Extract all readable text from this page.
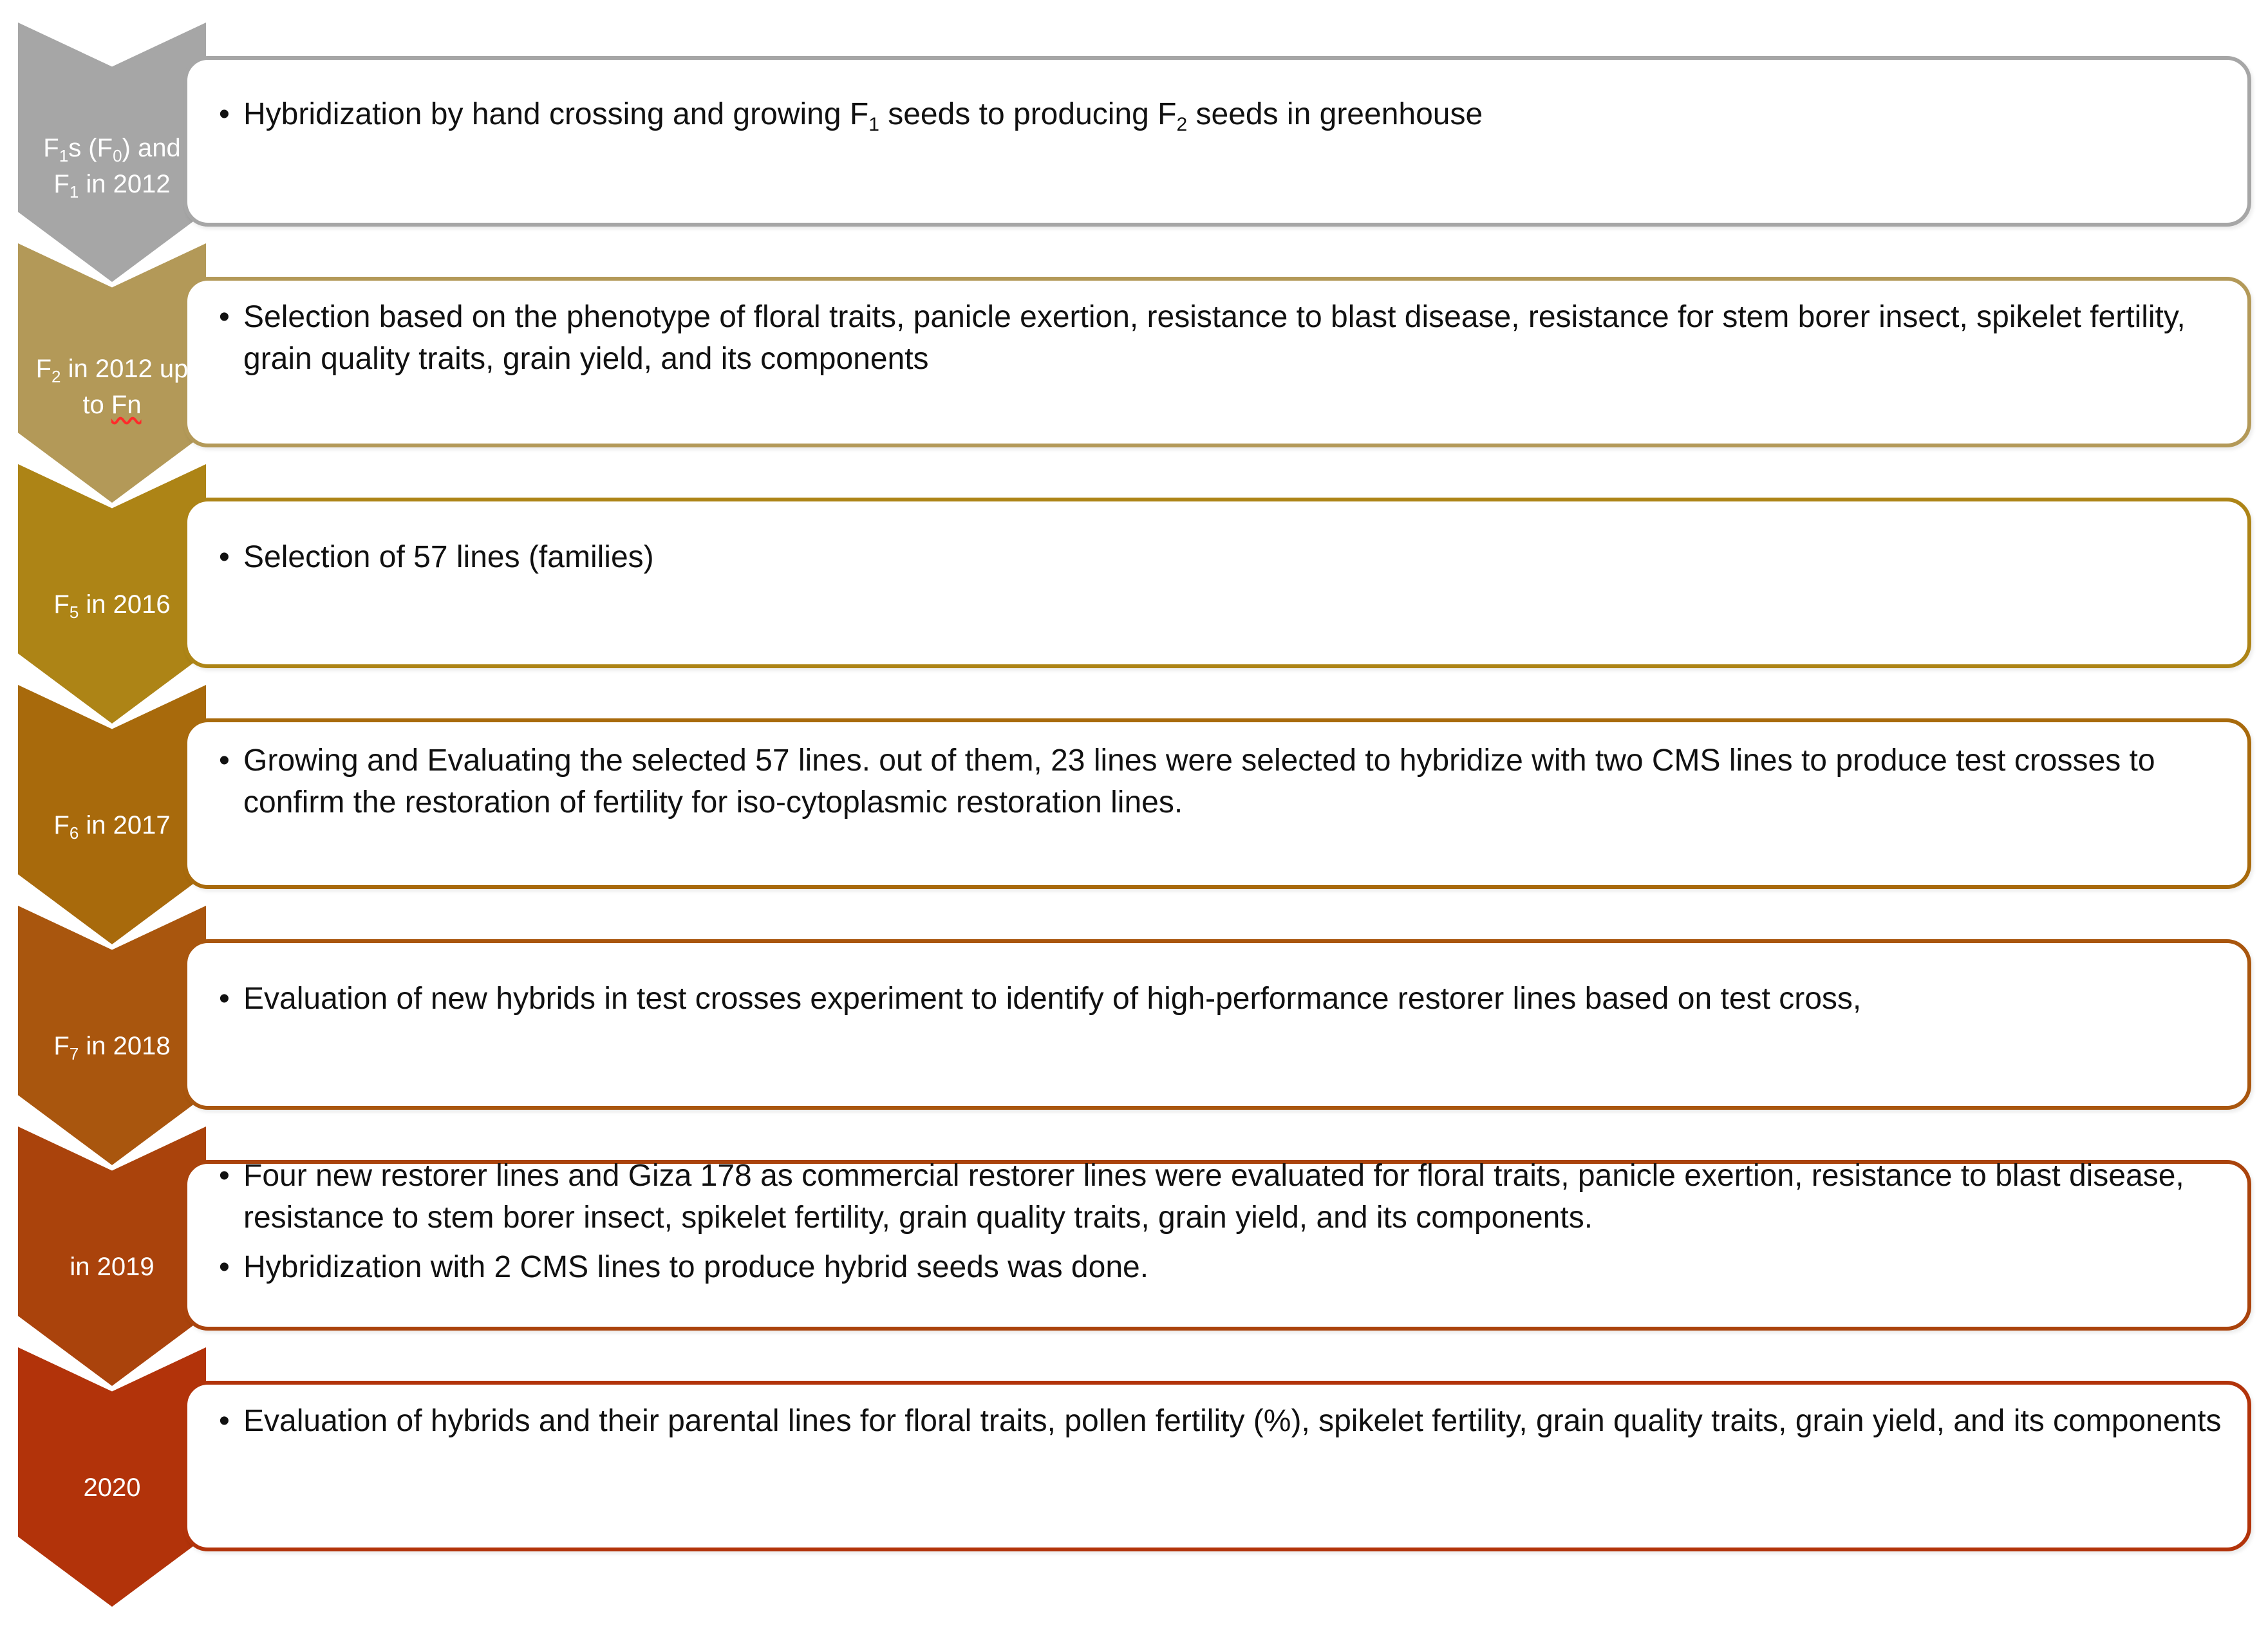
$F_1s$ $(F_0)$ and
$F_1$ in 2012
• Hybridization by hand crossing and growing $F_1$ seeds to producing $F_2$ seeds in greenhouse
$F_2$ in 2012 up
to Fn
• Selection based on the phenotype of floral traits, panicle exertion, resistance to blast disease, resistance for stem borer insect, spikelet fertility, grain quality traits, grain yield, and its components
$F_5$ in 2016
• Selection of 57 lines (families)
$F_6$ in 2017
• Growing and Evaluating the selected 57 lines. out of them, 23 lines were selected to hybridize with two CMS lines to produce test crosses to confirm the restoration of fertility for iso-cytoplasmic restoration lines.
$F_7$ in 2018
• Evaluation of new hybrids in test crosses experiment to identify of high-performance restorer lines based on test cross,
in 2019
• Four new restorer lines and Giza 178 as commercial restorer lines were evaluated for floral traits, panicle exertion, resistance to blast disease, resistance to stem borer insect, spikelet fertility, grain quality traits, grain yield, and its components.
• Hybridization with 2 CMS lines to produce hybrid seeds was done.
2020
• Evaluation of hybrids and their parental lines for floral traits, pollen fertility (%), spikelet fertility, grain quality traits, grain yield, and its components
